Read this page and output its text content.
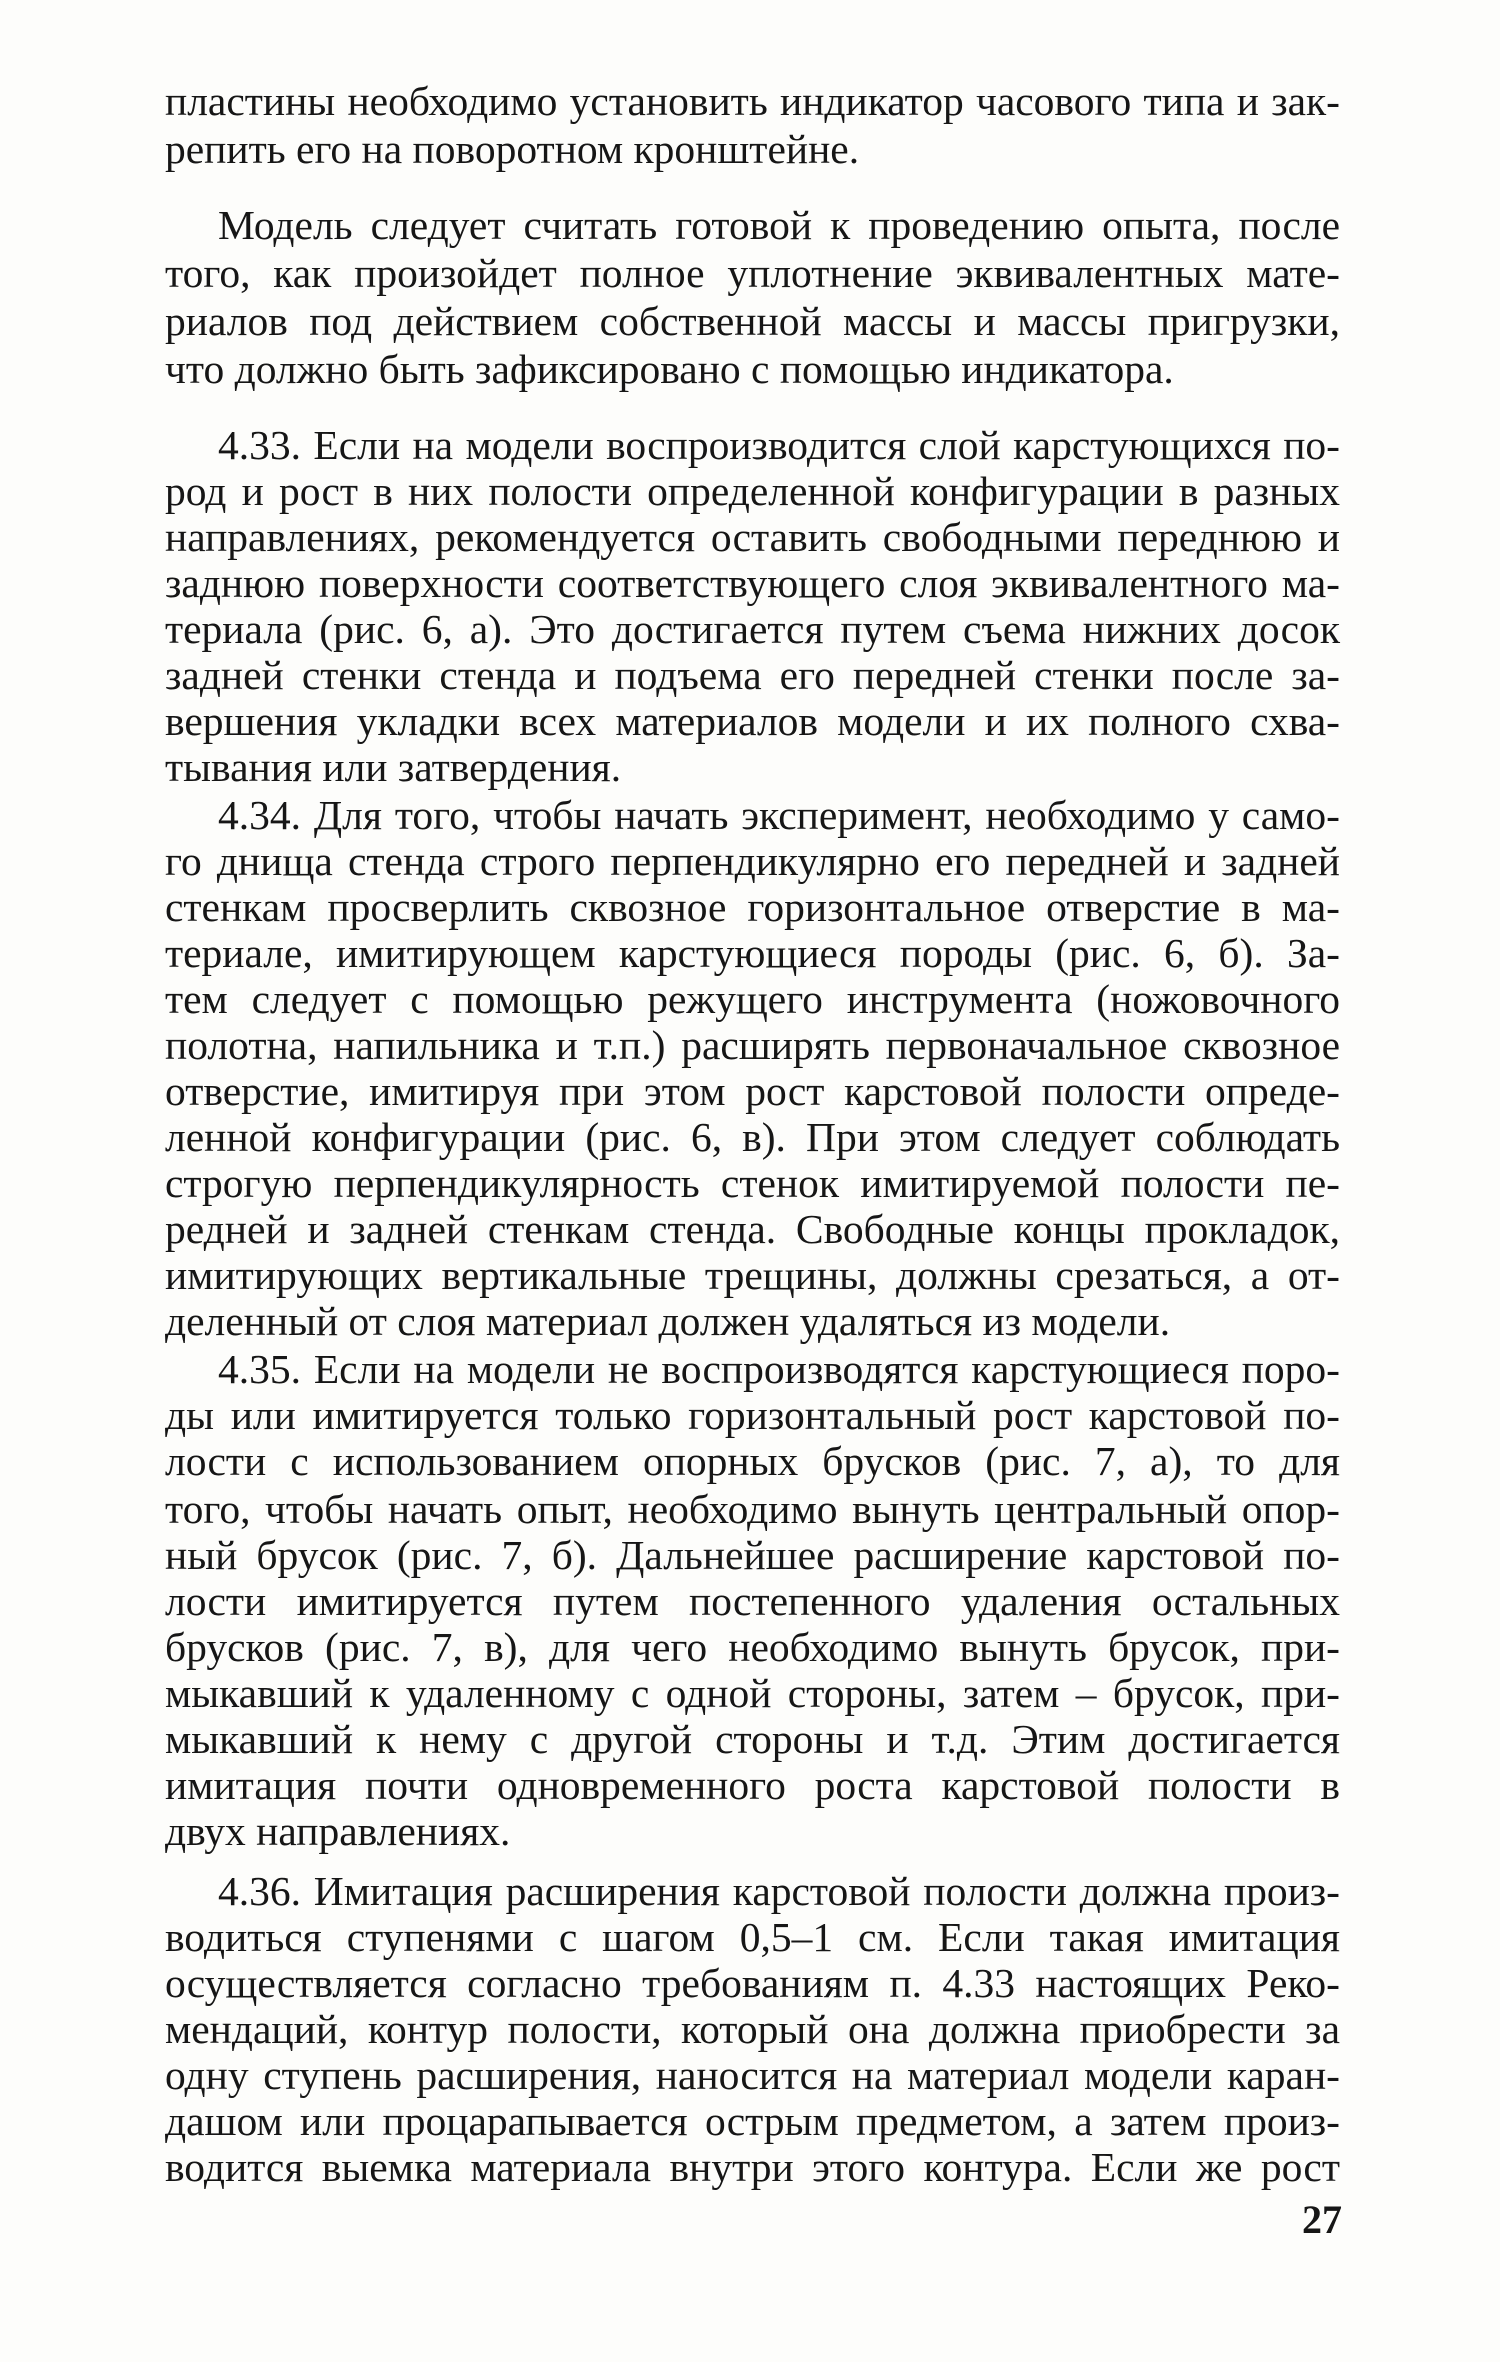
пластины необходимо установить индикатор часового типа и зак-
репить его на поворотном кронштейне.
Модель следует считать готовой к проведению опыта, после
того, как произойдет полное уплотнение эквивалентных мате-
риалов под действием собственной массы и массы пригрузки,
что должно быть зафиксировано с помощью индикатора.
4.33. Если на модели воспроизводится слой карстующихся по-
род и рост в них полости определенной конфигурации в разных
направлениях, рекомендуется оставить свободными переднюю и
заднюю поверхности соответствующего слоя эквивалентного ма-
териала (рис. 6, а). Это достигается путем съема нижних досок
задней стенки стенда и подъема его передней стенки после за-
вершения укладки всех материалов модели и их полного схва-
тывания или затвердения.
4.34. Для того, чтобы начать эксперимент, необходимо у само-
го днища стенда строго перпендикулярно его передней и задней
стенкам просверлить сквозное горизонтальное отверстие в ма-
териале, имитирующем карстующиеся породы (рис. 6, б). За-
тем следует с помощью режущего инструмента (ножовочного
полотна, напильника и т.п.) расширять первоначальное сквозное
отверстие, имитируя при этом рост карстовой полости опреде-
ленной конфигурации (рис. 6, в). При этом следует соблюдать
строгую перпендикулярность стенок имитируемой полости пе-
редней и задней стенкам стенда. Свободные концы прокладок,
имитирующих вертикальные трещины, должны срезаться, а от-
деленный от слоя материал должен удаляться из модели.
4.35. Если на модели не воспроизводятся карстующиеся поро-
ды или имитируется только горизонтальный рост карстовой по-
лости с использованием опорных брусков (рис. 7, а), то для
того, чтобы начать опыт, необходимо вынуть центральный опор-
ный брусок (рис. 7, б). Дальнейшее расширение карстовой по-
лости имитируется путем постепенного удаления остальных
брусков (рис. 7, в), для чего необходимо вынуть брусок, при-
мыкавший к удаленному с одной стороны, затем – брусок, при-
мыкавший к нему с другой стороны и т.д. Этим достигается
имитация почти одновременного роста карстовой полости в
двух направлениях.
4.36. Имитация расширения карстовой полости должна произ-
водиться ступенями с шагом 0,5–1 см. Если такая имитация
осуществляется согласно требованиям п. 4.33 настоящих Реко-
мендаций, контур полости, который она должна приобрести за
одну ступень расширения, наносится на материал модели каран-
дашом или процарапывается острым предметом, а затем произ-
водится выемка материала внутри этого контура. Если же рост
27
